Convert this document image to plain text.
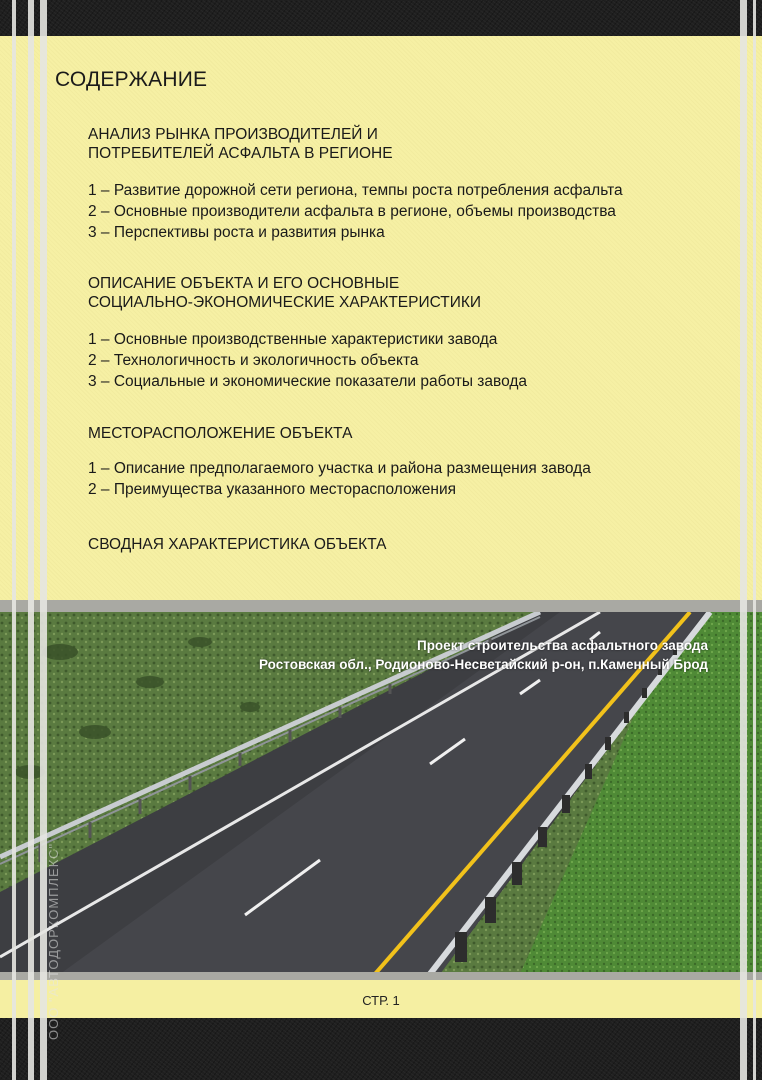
СОДЕРЖАНИЕ

АНАЛИЗ РЫНКА ПРОИЗВОДИТЕЛЕЙ И
ПОТРЕБИТЕЛЕЙ АСФАЛЬТА В РЕГИОНЕ

1 – Развитие дорожной сети региона, темпы роста потребления асфальта
2 – Основные производители асфальта в регионе, объемы производства
3 – Перспективы роста и развития рынка

ОПИСАНИЕ ОБЪЕКТА И ЕГО ОСНОВНЫЕ
СОЦИАЛЬНО-ЭКОНОМИЧЕСКИЕ ХАРАКТЕРИСТИКИ

1 – Основные производственные характеристики завода
2 – Технологичность и экологичность объекта
3 – Социальные и экономические показатели работы завода

МЕСТОРАСПОЛОЖЕНИЕ ОБЪЕКТА

1 – Описание предполагаемого участка и района размещения завода
2 – Преимущества указанного месторасположения

СВОДНАЯ ХАРАКТЕРИСТИКА ОБЪЕКТА

Проект строительства асфальтного завода
Ростовская обл., Родионово-Несветайский р-он, п.Каменный Брод
СТР. 1
ООО "АВТОДОРКОМПЛЕКС"
